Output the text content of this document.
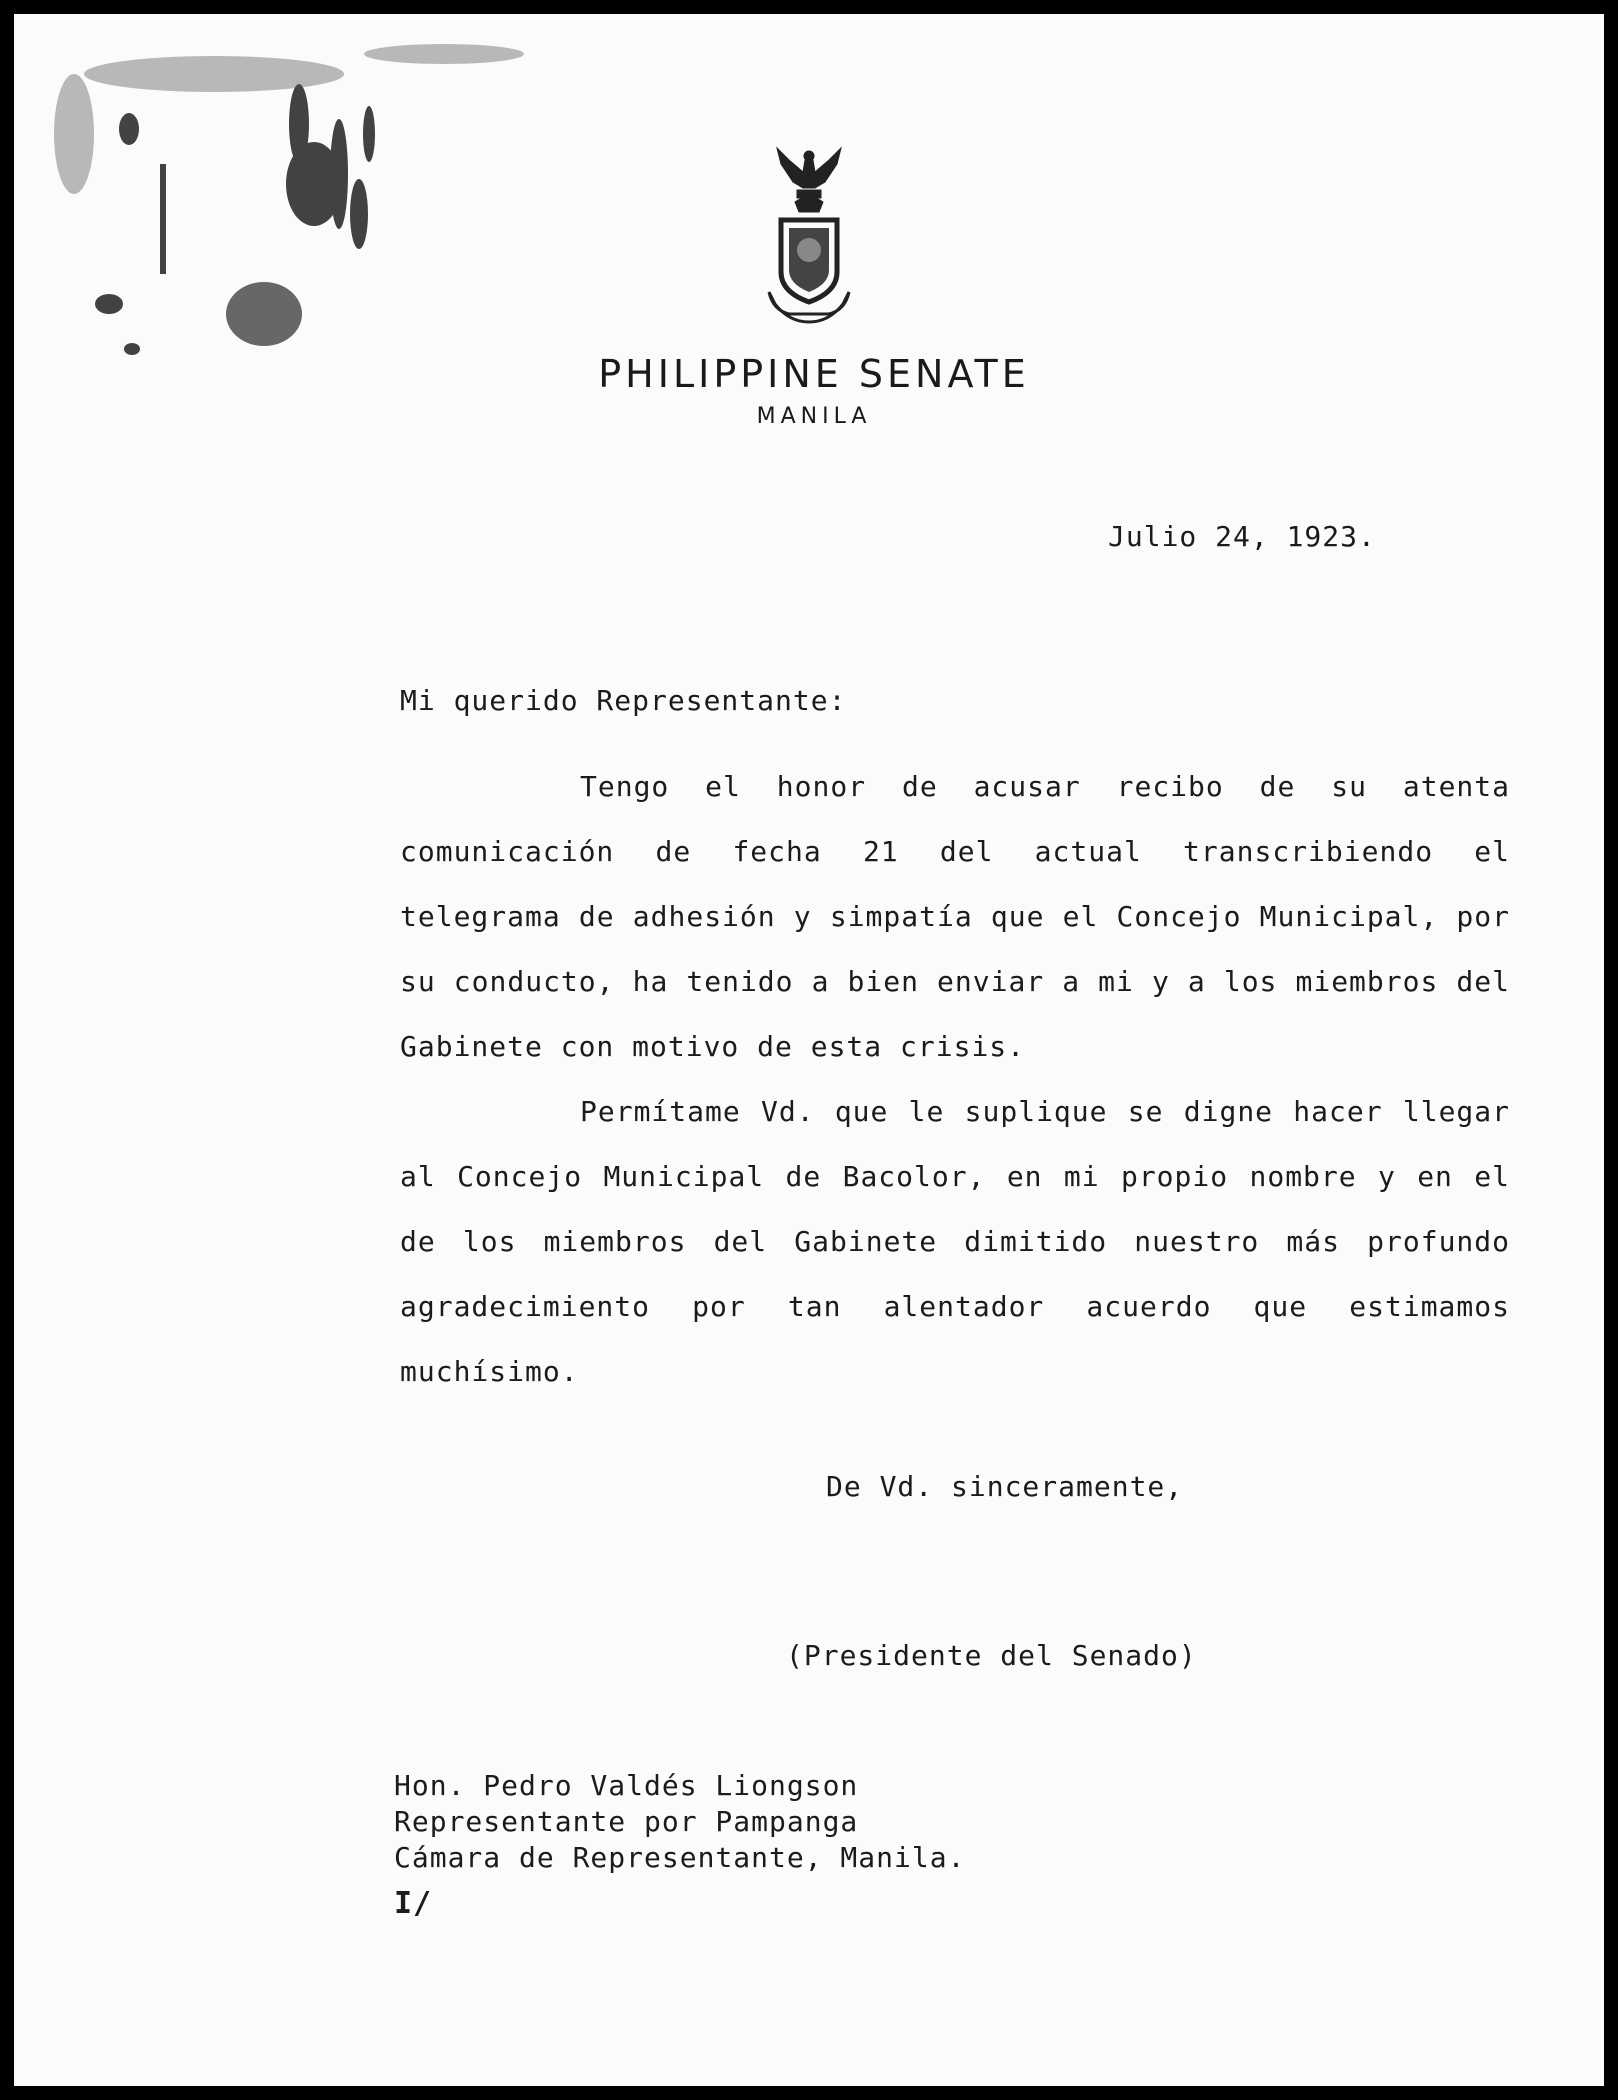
PHILIPPINE SENATE
MANILA
Julio 24, 1923.
Mi querido Representante:

Tengo el honor de acusar recibo de su atenta comunicación de fecha 21 del actual transcribiendo el telegrama de adhesión y simpatía que el Concejo Municipal, por su conducto, ha tenido a bien enviar a mi y a los miembros del Gabinete con motivo de esta crisis.

Permítame Vd. que le suplique se digne hacer llegar al Concejo Municipal de Bacolor, en mi propio nombre y en el de los miembros del Gabinete dimitido nuestro más profundo agradecimiento por tan alentador acuerdo que estimamos muchísimo.

De Vd. sinceramente,
(Presidente del Senado)
Hon. Pedro Valdés Liongson
Representante por Pampanga
Cámara de Representante, Manila.
I/
